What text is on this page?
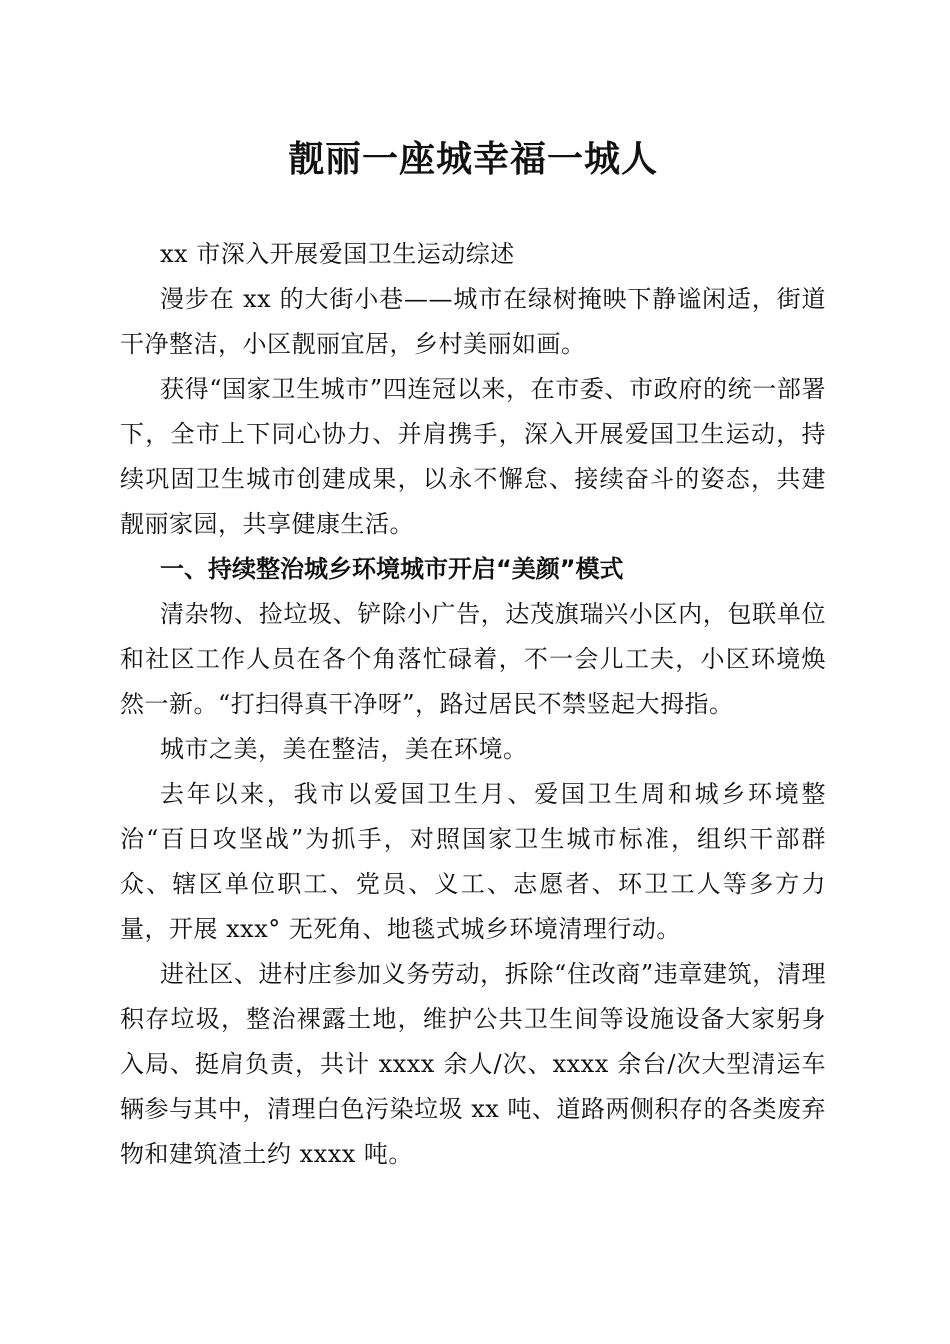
靓丽一座城幸福一城人

xx 市深入开展爱国卫生运动综述

漫步在 xx 的大街小巷——城市在绿树掩映下静谧闲适，街道干净整洁，小区靓丽宜居，乡村美丽如画。

获得“国家卫生城市”四连冠以来，在市委、市政府的统一部署下，全市上下同心协力、并肩携手，深入开展爱国卫生运动，持续巩固卫生城市创建成果，以永不懈怠、接续奋斗的姿态，共建靓丽家园，共享健康生活。

一、持续整治城乡环境城市开启“美颜”模式

清杂物、捡垃圾、铲除小广告，达茂旗瑞兴小区内，包联单位和社区工作人员在各个角落忙碌着，不一会儿工夫，小区环境焕然一新。“打扫得真干净呀”，路过居民不禁竖起大拇指。

城市之美，美在整洁，美在环境。

去年以来，我市以爱国卫生月、爱国卫生周和城乡环境整治“百日攻坚战”为抓手，对照国家卫生城市标准，组织干部群众、辖区单位职工、党员、义工、志愿者、环卫工人等多方力量，开展 xxx° 无死角、地毯式城乡环境清理行动。

进社区、进村庄参加义务劳动，拆除“住改商”违章建筑，清理积存垃圾，整治裸露土地，维护公共卫生间等设施设备大家躬身入局、挺肩负责，共计 xxxx 余人/次、xxxx 余台/次大型清运车辆参与其中，清理白色污染垃圾 xx 吨、道路两侧积存的各类废弃物和建筑渣土约 xxxx 吨。
